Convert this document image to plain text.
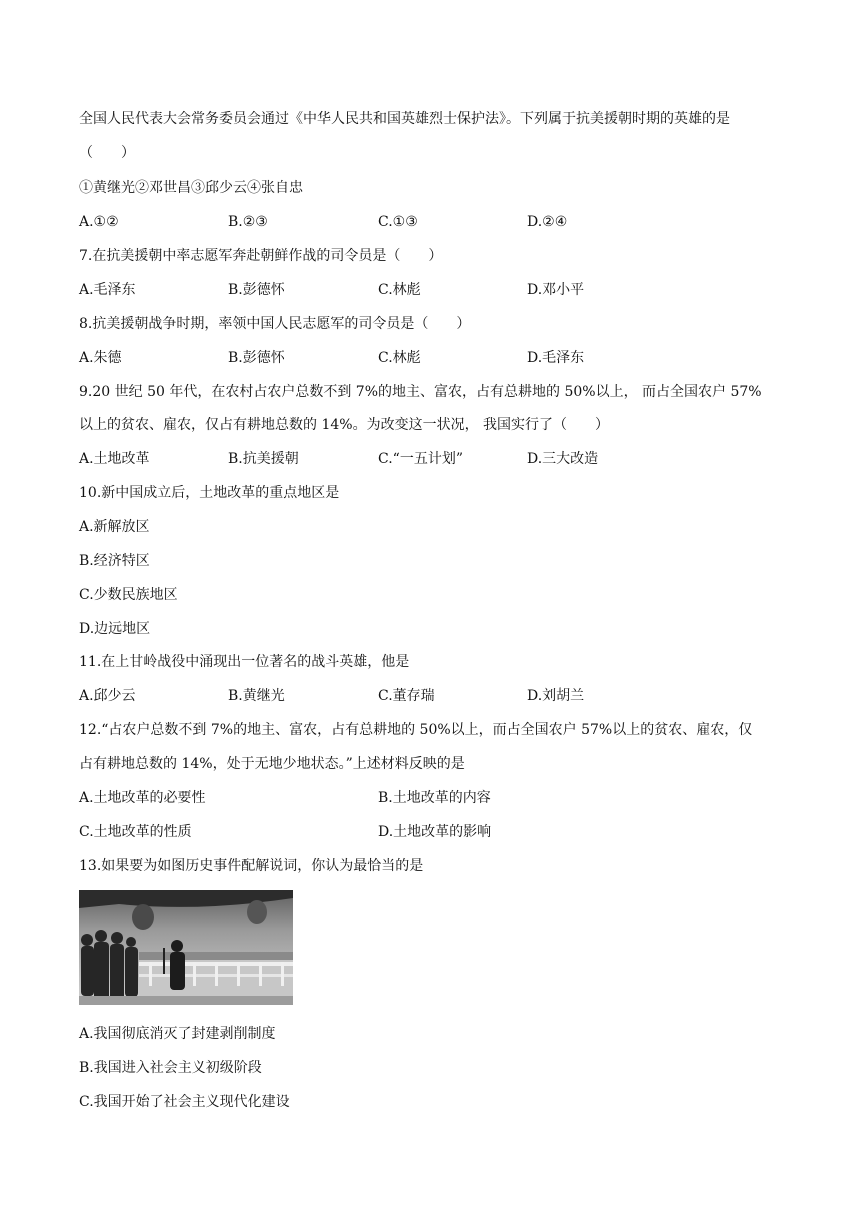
全国人民代表大会常务委员会通过《中华人民共和国英雄烈士保护法》。下列属于抗美援朝时期的英雄的是
（　　）
①黄继光②邓世昌③邱少云④张自忠
A.①②	B.②③	C.①③	D.②④
7.在抗美援朝中率志愿军奔赴朝鲜作战的司令员是（　　）
A.毛泽东	B.彭德怀	C.林彪	D.邓小平
8.抗美援朝战争时期，率领中国人民志愿军的司令员是（　　）
A.朱德	B.彭德怀	C.林彪	D.毛泽东
9.20 世纪 50 年代，在农村占农户总数不到 7%的地主、富农，占有总耕地的 50%以上， 而占全国农户 57%
以上的贫农、雇农，仅占有耕地总数的 14%。为改变这一状况， 我国实行了（　　）
A.土地改革	B.抗美援朝	C.“一五计划”	D.三大改造
10.新中国成立后，土地改革的重点地区是
A.新解放区
B.经济特区
C.少数民族地区
D.边远地区
11.在上甘岭战役中涌现出一位著名的战斗英雄，他是
A.邱少云	B.黄继光	C.董存瑞	D.刘胡兰
12.“占农户总数不到 7%的地主、富农，占有总耕地的 50%以上，而占全国农户 57%以上的贫农、雇农，仅
占有耕地总数的 14%，处于无地少地状态。”上述材料反映的是
A.土地改革的必要性	B.土地改革的内容
C.土地改革的性质	D.土地改革的影响
13.如果要为如图历史事件配解说词，你认为最恰当的是
A.我国彻底消灭了封建剥削制度
B.我国进入社会主义初级阶段
C.我国开始了社会主义现代化建设
